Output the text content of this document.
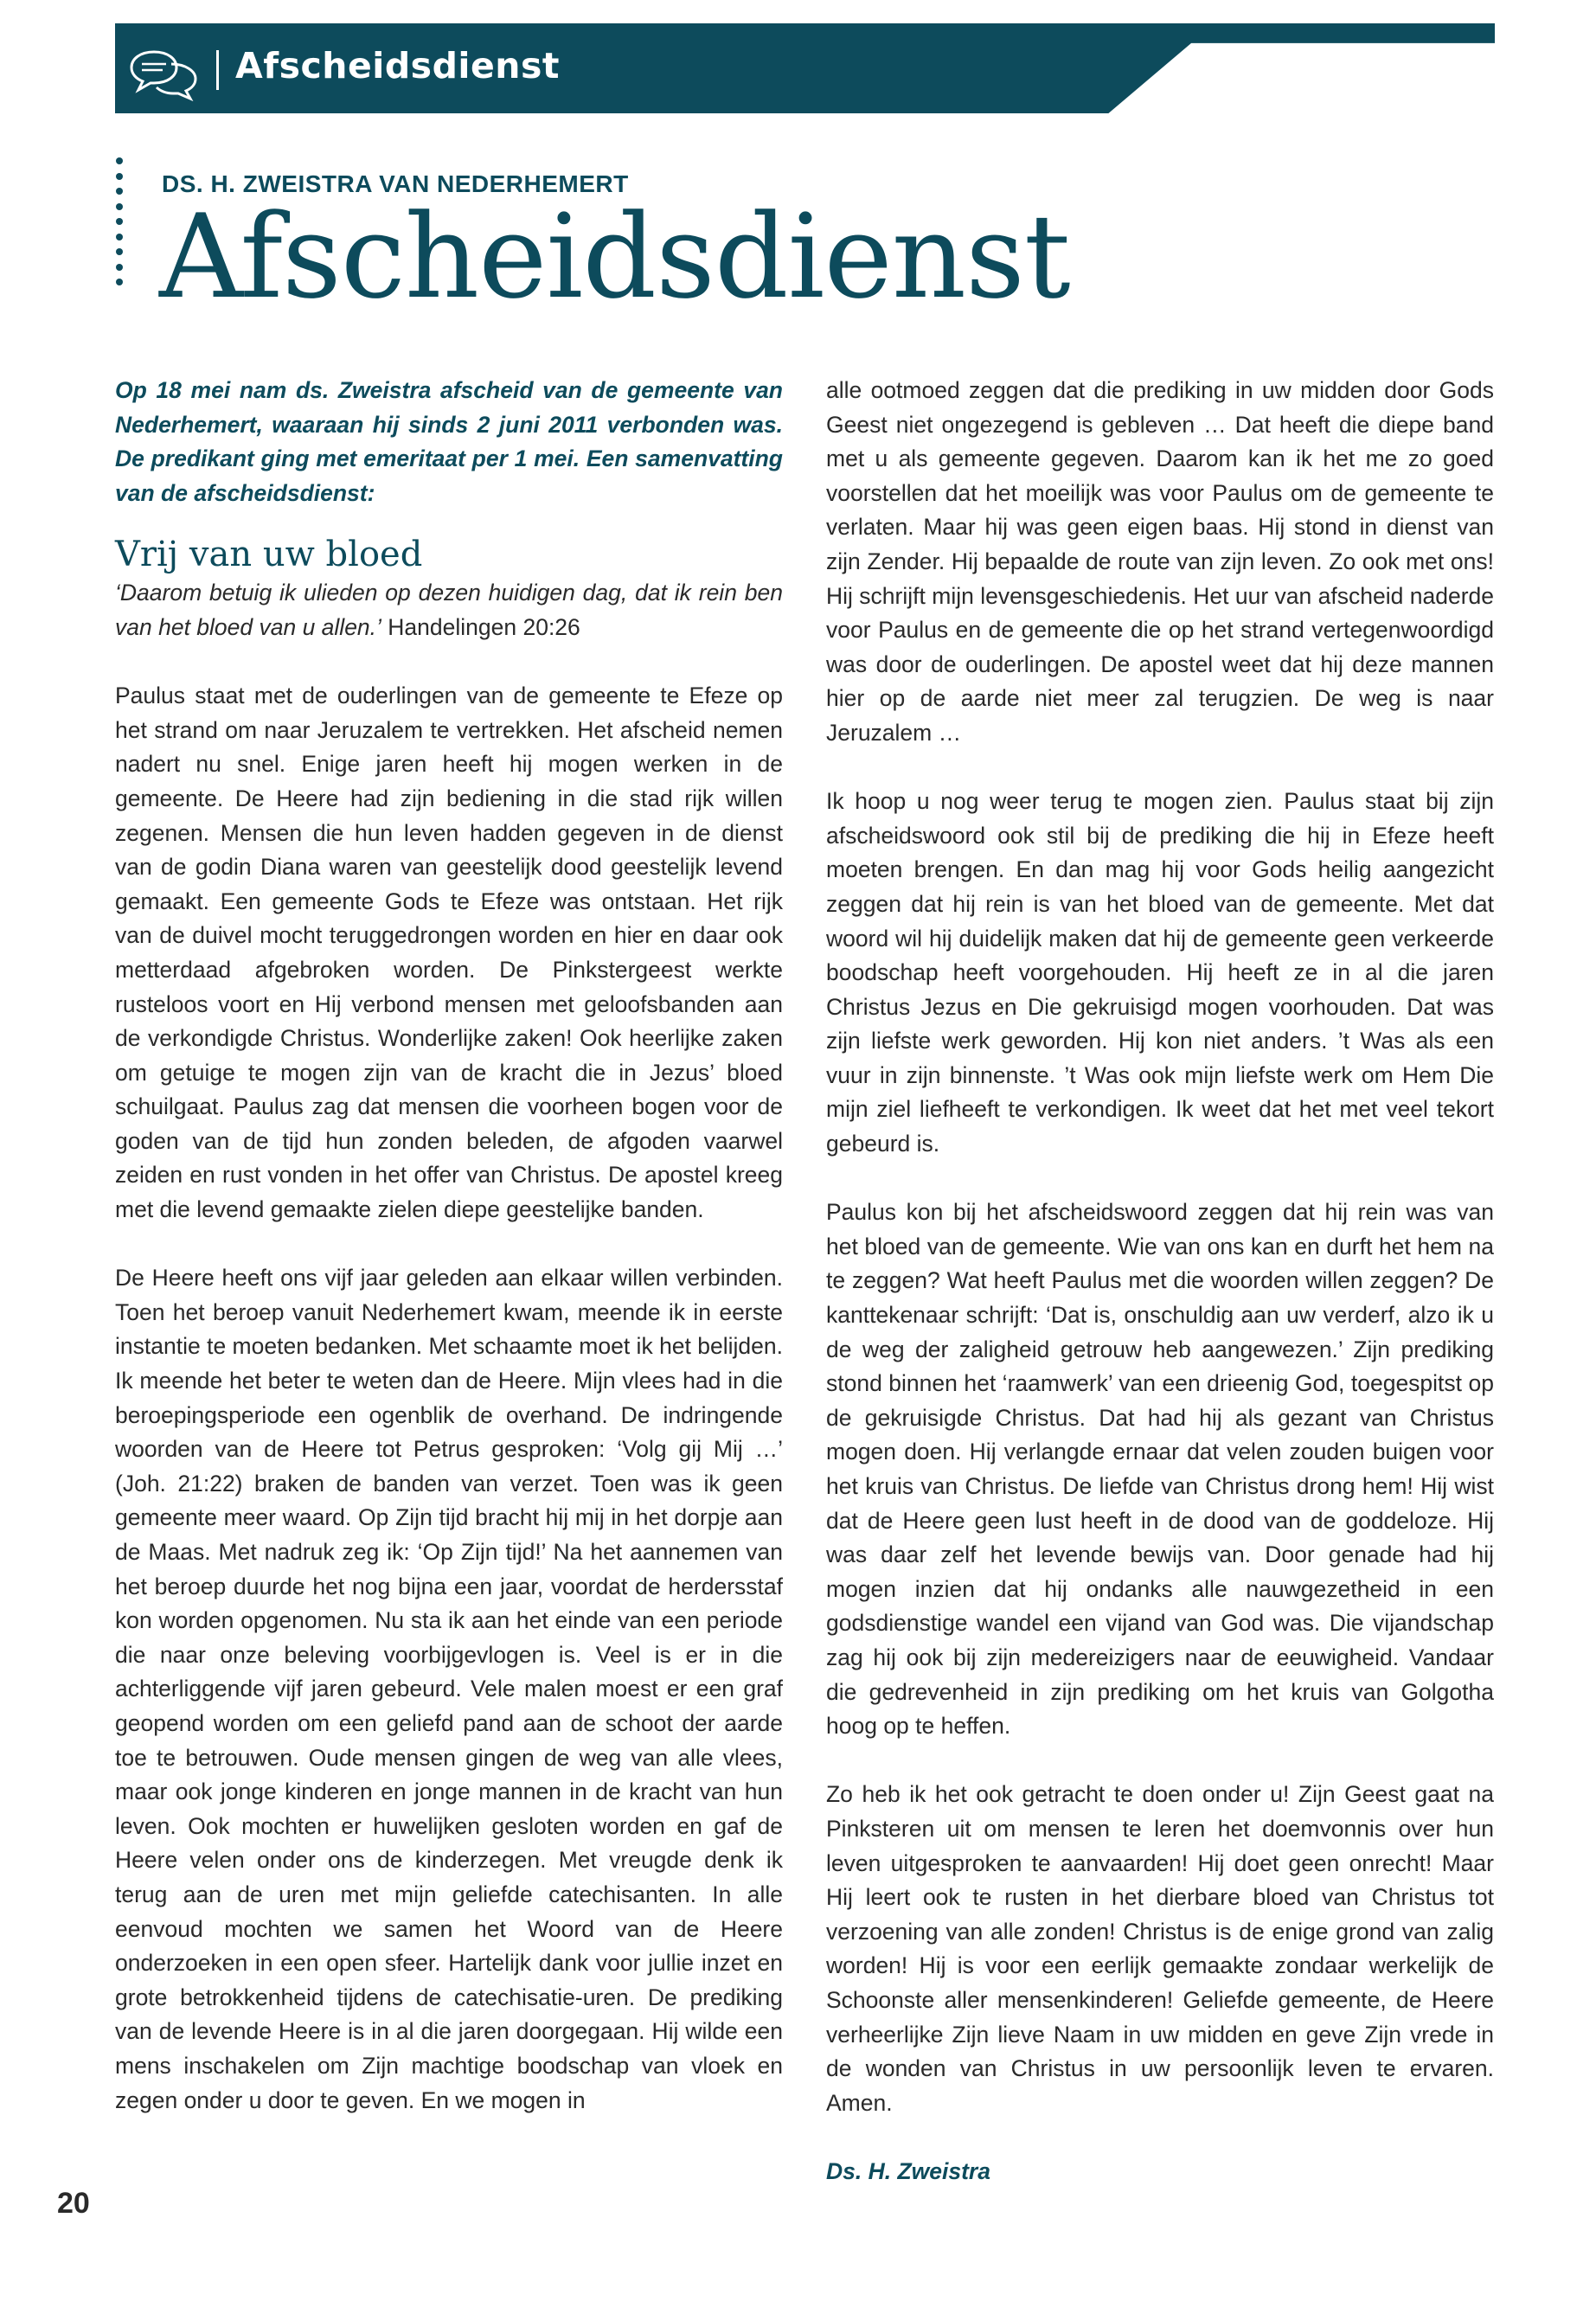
Afscheidsdienst
DS. H. ZWEISTRA VAN NEDERHEMERT
Afscheidsdienst

Op 18 mei nam ds. Zweistra afscheid van de gemeente van Nederhemert, waaraan hij sinds 2 juni 2011 verbonden was. De predikant ging met emeritaat per 1 mei. Een samenvatting van de afscheidsdienst:

Vrij van uw bloed

‘Daarom betuig ik ulieden op dezen huidigen dag, dat ik rein ben van het bloed van u allen.’ Handelingen 20:26

Paulus staat met de ouderlingen van de gemeente te Efeze op het strand om naar Jeruzalem te vertrekken. Het afscheid nemen nadert nu snel. Enige jaren heeft hij mogen werken in de gemeente. De Heere had zijn bediening in die stad rijk willen zegenen. Mensen die hun leven hadden gegeven in de dienst van de godin Diana waren van geestelijk dood geestelijk levend gemaakt. Een gemeente Gods te Efeze was ontstaan. Het rijk van de duivel mocht teruggedrongen worden en hier en daar ook metterdaad afgebroken worden. De Pinkstergeest werkte rusteloos voort en Hij verbond mensen met geloofsbanden aan de verkondigde Christus. Wonderlijke zaken! Ook heerlijke zaken om getuige te mogen zijn van de kracht die in Jezus’ bloed schuilgaat. Paulus zag dat mensen die voorheen bogen voor de goden van de tijd hun zonden beleden, de afgoden vaarwel zeiden en rust vonden in het offer van Christus. De apostel kreeg met die levend gemaakte zielen diepe geestelijke banden.

De Heere heeft ons vijf jaar geleden aan elkaar willen verbinden. Toen het beroep vanuit Nederhemert kwam, meende ik in eerste instantie te moeten bedanken. Met schaamte moet ik het belijden. Ik meende het beter te weten dan de Heere. Mijn vlees had in die beroepingsperiode een ogenblik de overhand. De indringende woorden van de Heere tot Petrus gesproken: ‘Volg gij Mij …’ (Joh. 21:22) braken de banden van verzet. Toen was ik geen gemeente meer waard. Op Zijn tijd bracht hij mij in het dorpje aan de Maas. Met nadruk zeg ik: ‘Op Zijn tijd!’ Na het aannemen van het beroep duurde het nog bijna een jaar, voordat de herdersstaf kon worden opgenomen. Nu sta ik aan het einde van een periode die naar onze beleving voorbijgevlogen is. Veel is er in die achterliggende vijf jaren gebeurd. Vele malen moest er een graf geopend worden om een geliefd pand aan de schoot der aarde toe te betrouwen. Oude mensen gingen de weg van alle vlees, maar ook jonge kinderen en jonge mannen in de kracht van hun leven. Ook mochten er huwelijken gesloten worden en gaf de Heere velen onder ons de kinderzegen. Met vreugde denk ik terug aan de uren met mijn geliefde catechisanten. In alle eenvoud mochten we samen het Woord van de Heere onderzoeken in een open sfeer. Hartelijk dank voor jullie inzet en grote betrokkenheid tijdens de catechisatie-uren. De prediking van de levende Heere is in al die jaren doorgegaan. Hij wilde een mens inschakelen om Zijn machtige boodschap van vloek en zegen onder u door te geven. En we mogen in

alle ootmoed zeggen dat die prediking in uw midden door Gods Geest niet ongezegend is gebleven … Dat heeft die diepe band met u als gemeente gegeven. Daarom kan ik het me zo goed voorstellen dat het moeilijk was voor Paulus om de gemeente te verlaten. Maar hij was geen eigen baas. Hij stond in dienst van zijn Zender. Hij bepaalde de route van zijn leven. Zo ook met ons! Hij schrijft mijn levensgeschiedenis. Het uur van afscheid naderde voor Paulus en de gemeente die op het strand vertegenwoordigd was door de ouderlingen. De apostel weet dat hij deze mannen hier op de aarde niet meer zal terugzien. De weg is naar Jeruzalem …

Ik hoop u nog weer terug te mogen zien. Paulus staat bij zijn afscheidswoord ook stil bij de prediking die hij in Efeze heeft moeten brengen. En dan mag hij voor Gods heilig aangezicht zeggen dat hij rein is van het bloed van de gemeente. Met dat woord wil hij duidelijk maken dat hij de gemeente geen verkeerde boodschap heeft voorgehouden. Hij heeft ze in al die jaren Christus Jezus en Die gekruisigd mogen voorhouden. Dat was zijn liefste werk geworden. Hij kon niet anders. ’t Was als een vuur in zijn binnenste. ’t Was ook mijn liefste werk om Hem Die mijn ziel liefheeft te verkondigen. Ik weet dat het met veel tekort gebeurd is.

Paulus kon bij het afscheidswoord zeggen dat hij rein was van het bloed van de gemeente. Wie van ons kan en durft het hem na te zeggen? Wat heeft Paulus met die woorden willen zeggen? De kanttekenaar schrijft: ‘Dat is, onschuldig aan uw verderf, alzo ik u de weg der zaligheid getrouw heb aangewezen.’ Zijn prediking stond binnen het ‘raamwerk’ van een drieenig God, toegespitst op de gekruisigde Christus. Dat had hij als gezant van Christus mogen doen. Hij verlangde ernaar dat velen zouden buigen voor het kruis van Christus. De liefde van Christus drong hem! Hij wist dat de Heere geen lust heeft in de dood van de goddeloze. Hij was daar zelf het levende bewijs van. Door genade had hij mogen inzien dat hij ondanks alle nauwgezetheid in een godsdienstige wandel een vijand van God was. Die vijandschap zag hij ook bij zijn medereizigers naar de eeuwigheid. Vandaar die gedrevenheid in zijn prediking om het kruis van Golgotha hoog op te heffen.

Zo heb ik het ook getracht te doen onder u! Zijn Geest gaat na Pinksteren uit om mensen te leren het doemvonnis over hun leven uitgesproken te aanvaarden! Hij doet geen onrecht! Maar Hij leert ook te rusten in het dierbare bloed van Christus tot verzoening van alle zonden! Christus is de enige grond van zalig worden! Hij is voor een eerlijk gemaakte zondaar werkelijk de Schoonste aller mensenkinderen! Geliefde gemeente, de Heere verheerlijke Zijn lieve Naam in uw midden en geve Zijn vrede in de wonden van Christus in uw persoonlijk leven te ervaren. Amen.

Ds. H. Zweistra

20
